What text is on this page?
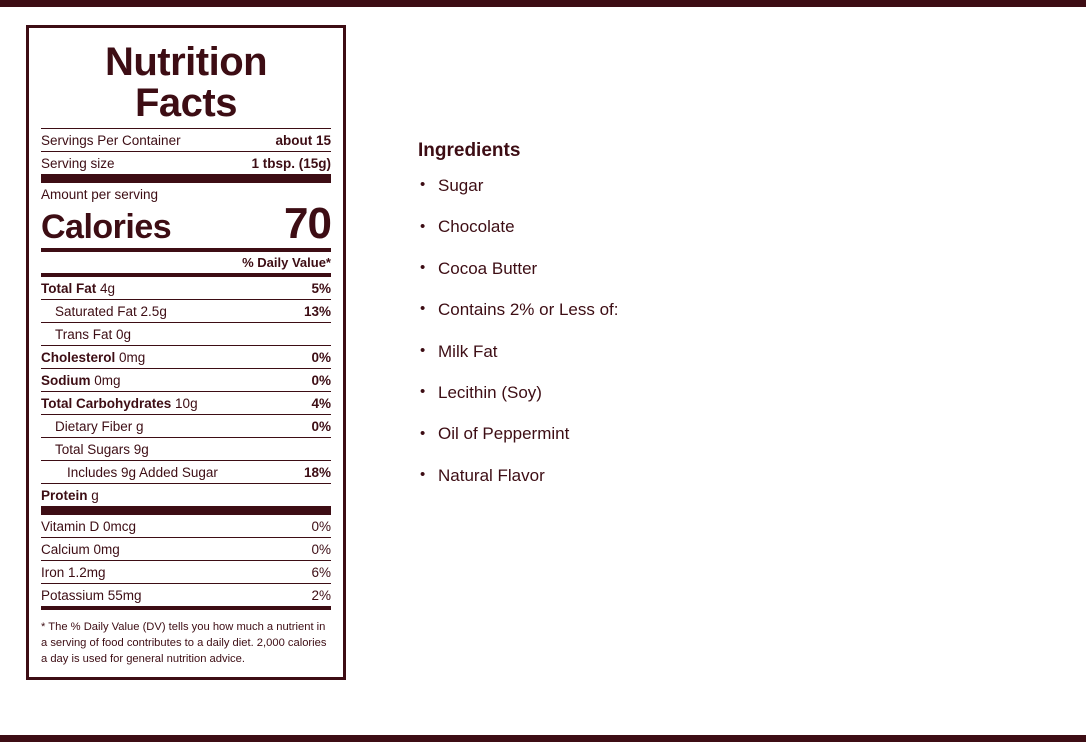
Nutrition
Facts
Servings Per Container	about 15
Serving size	1 tbsp. (15g)
Amount per serving
Calories	70
% Daily Value*
Total Fat 4g	5%
Saturated Fat 2.5g	13%
Trans Fat 0g
Cholesterol 0mg	0%
Sodium 0mg	0%
Total Carbohydrates 10g	4%
Dietary Fiber g	0%
Total Sugars 9g
Includes 9g Added Sugar	18%
Protein g
Vitamin D 0mcg	0%
Calcium 0mg	0%
Iron 1.2mg	6%
Potassium 55mg	2%
* The % Daily Value (DV) tells you how much a nutrient in a serving of food contributes to a daily diet. 2,000 calories a day is used for general nutrition advice.
Ingredients
• Sugar
• Chocolate
• Cocoa Butter
• Contains 2% or Less of:
• Milk Fat
• Lecithin (Soy)
• Oil of Peppermint
• Natural Flavor
